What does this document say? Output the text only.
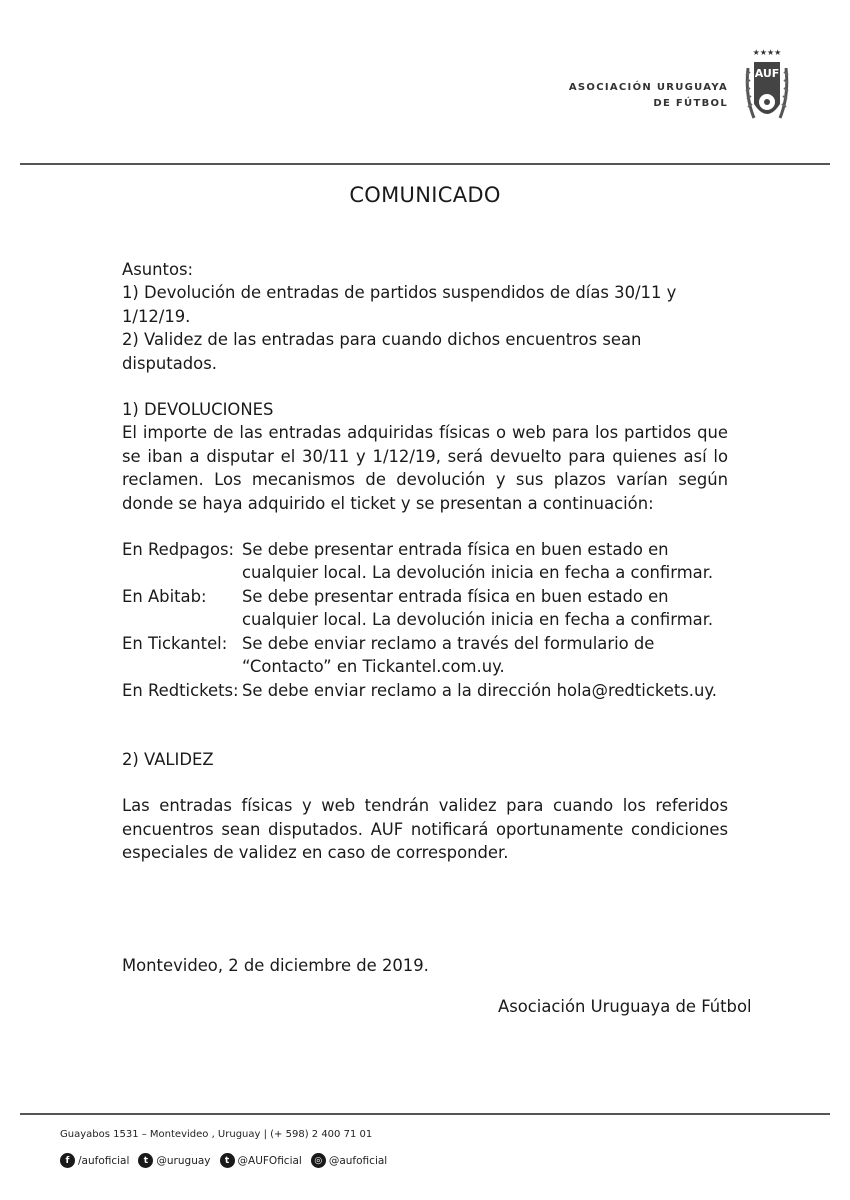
ASOCIACIÓN URUGUAYA
DE FÚTBOL
★★★★
AUF
COMUNICADO

Asuntos:

1) Devolución de entradas de partidos suspendidos de días 30/11 y 1/12/19.

2) Validez de las entradas para cuando dichos encuentros sean disputados.

1) DEVOLUCIONES

El importe de las entradas adquiridas físicas o web para los partidos que se iban a disputar el 30/11 y 1/12/19, será devuelto para quienes así lo reclamen. Los mecanismos de devolución y sus plazos varían según donde se haya adquirido el ticket y se presentan a continuación:

En Redpagos: Se debe presentar entrada física en buen estado en cualquier local. La devolución inicia en fecha a confirmar.
En Abitab:	Se debe presentar entrada física en buen estado en cualquier local. La devolución inicia en fecha a confirmar.
En Tickantel: Se debe enviar reclamo a través del formulario de “Contacto” en Tickantel.com.uy.
En Redtickets: Se debe enviar reclamo a la dirección hola@redtickets.uy.

2) VALIDEZ

Las entradas físicas y web tendrán validez para cuando los referidos encuentros sean disputados. AUF notificará oportunamente condiciones especiales de validez en caso de corresponder.

Montevideo, 2 de diciembre de 2019.
Asociación Uruguaya de Fútbol
Guayabos 1531 – Montevideo , Uruguay | (+ 598) 2 400 71 01
f /aufoficial	t @uruguay	t @AUFOficial	◎ @aufoficial
